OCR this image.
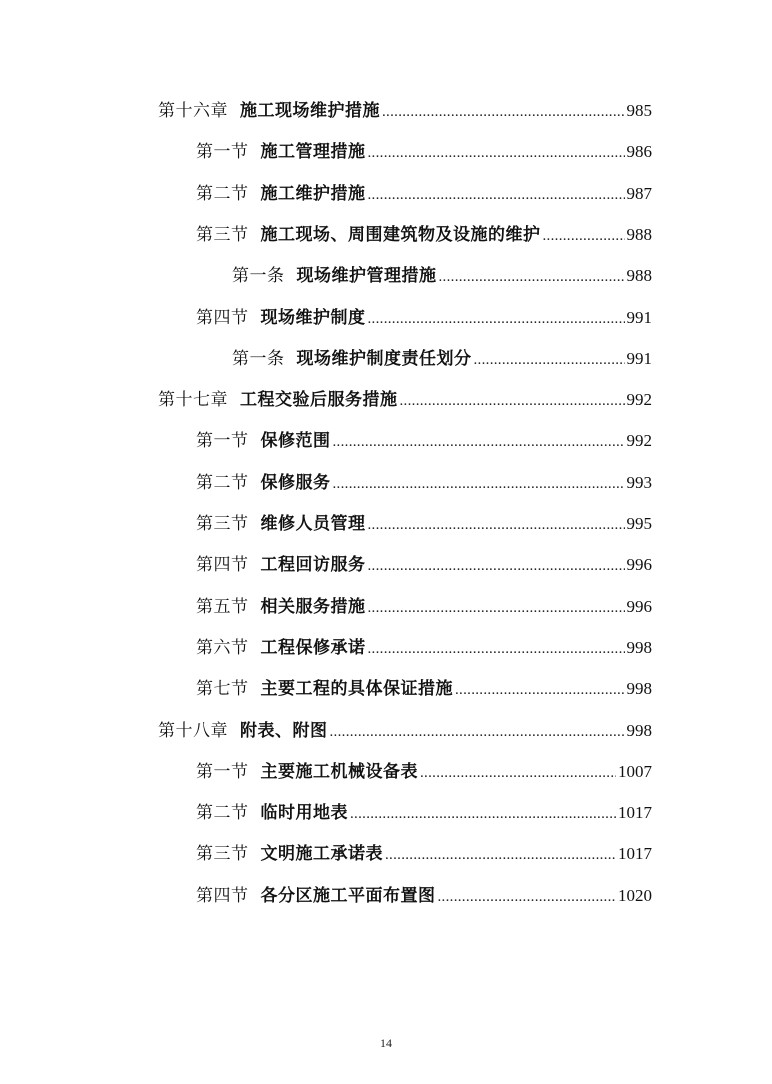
第十六章 施工现场维护措施 .....	985
第一节 施工管理措施 .....	986
第二节 施工维护措施 .....	987
第三节 施工现场、周围建筑物及设施的维护 .....	988
第一条 现场维护管理措施 .....	988
第四节 现场维护制度 .....	991
第一条 现场维护制度责任划分 .....	991
第十七章 工程交验后服务措施 .....	992
第一节 保修范围 .....	992
第二节 保修服务 .....	993
第三节 维修人员管理 .....	995
第四节 工程回访服务 .....	996
第五节 相关服务措施 .....	996
第六节 工程保修承诺 .....	998
第七节 主要工程的具体保证措施 .....	998
第十八章 附表、附图 .....	998
第一节 主要施工机械设备表 .....	1007
第二节 临时用地表 .....	1017
第三节 文明施工承诺表 .....	1017
第四节 各分区施工平面布置图 .....	1020
14
